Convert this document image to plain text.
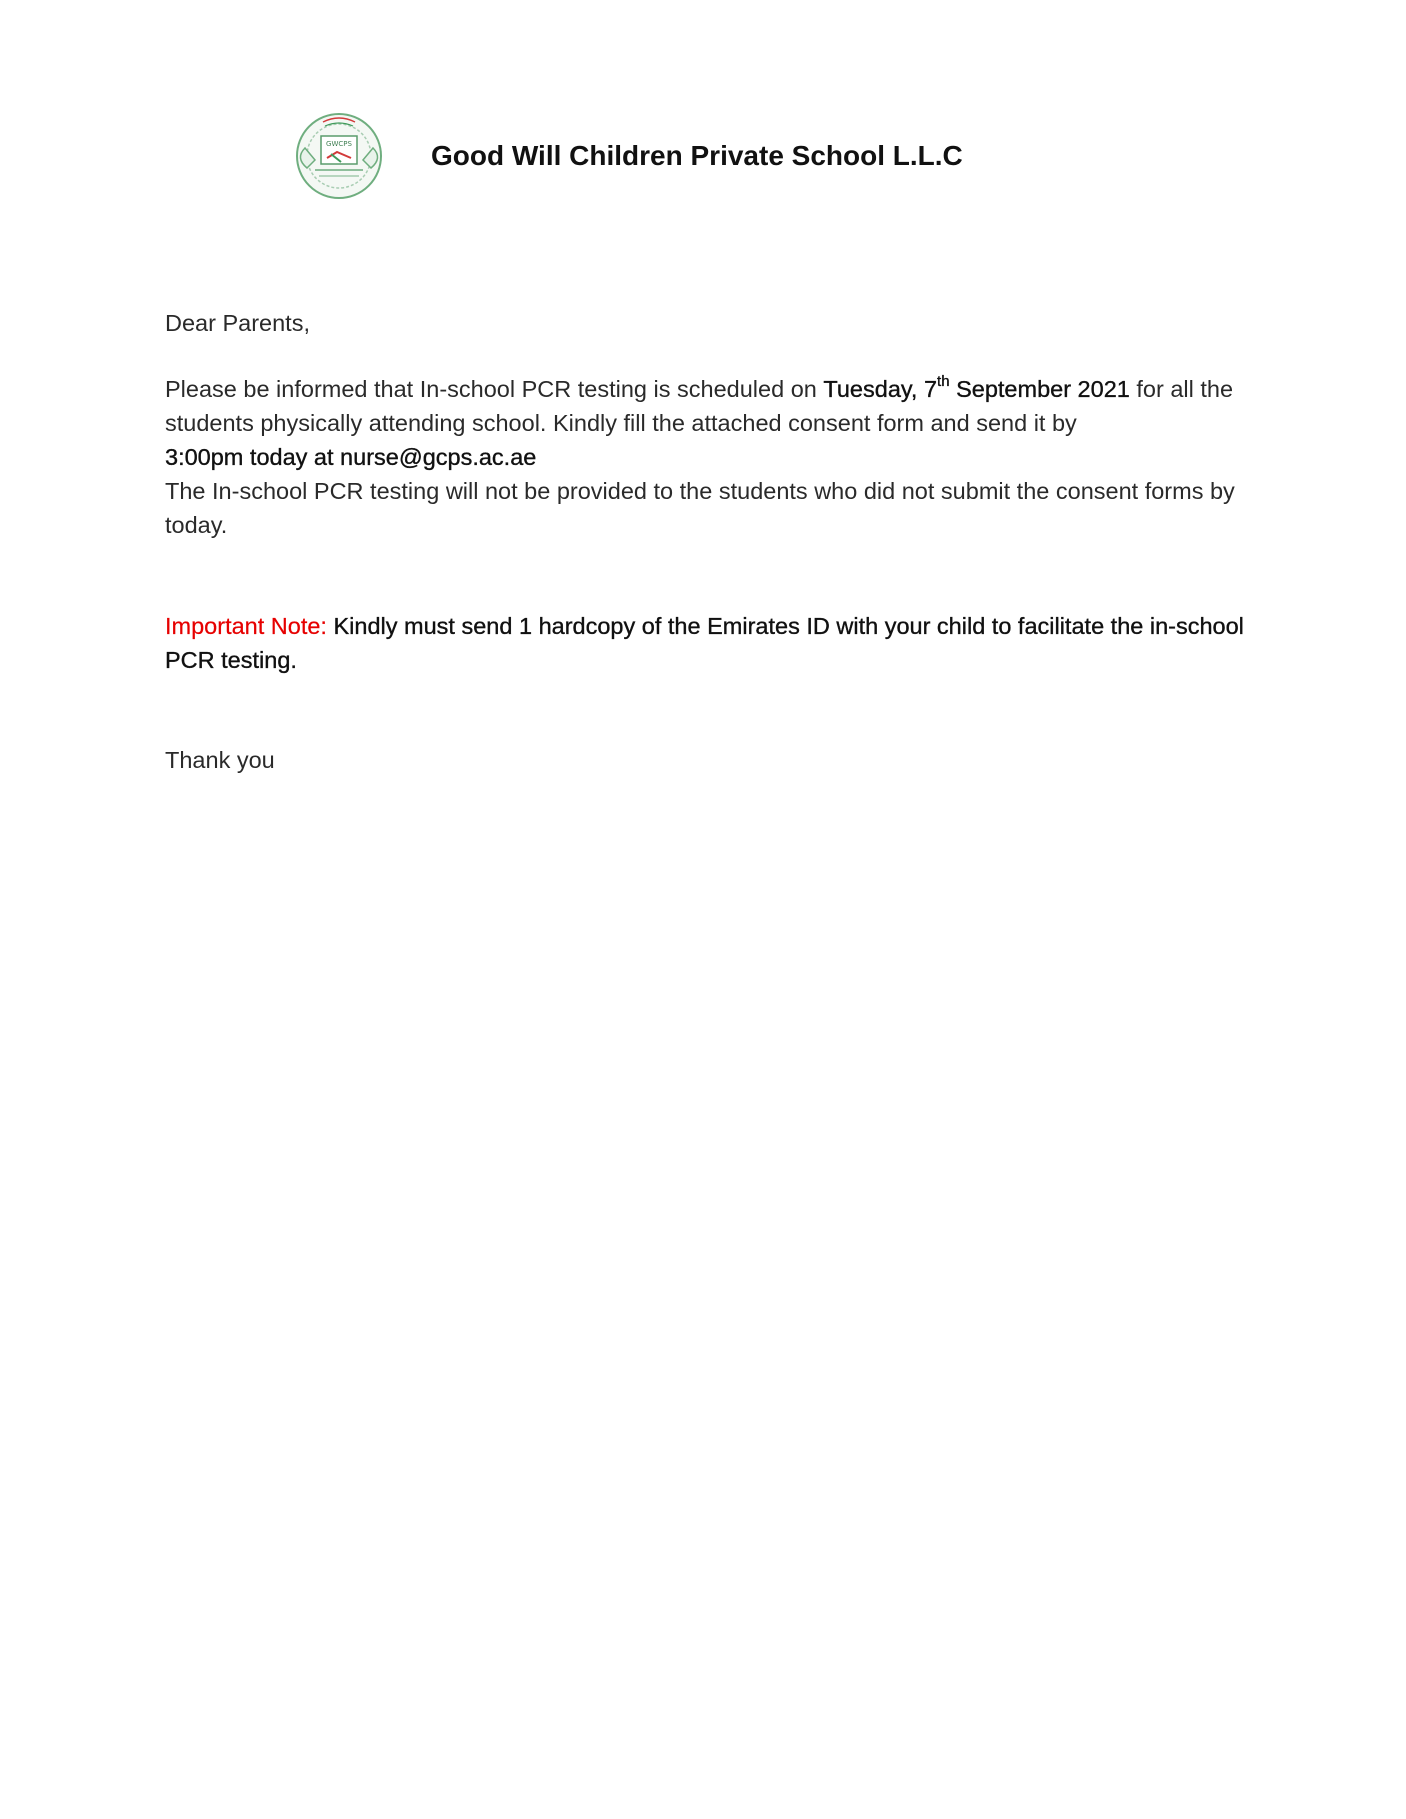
GWCPS	Good Will Children Private School L.L.C

Dear Parents,

Please be informed that In-school PCR testing is scheduled on Tuesday, 7th September 2021 for all the students physically attending school. Kindly fill the attached consent form and send it by
3:00pm today at nurse@gcps.ac.ae

The In-school PCR testing will not be provided to the students who did not submit the consent forms by today.

Important Note: Kindly must send 1 hardcopy of the Emirates ID with your child to facilitate the in-school PCR testing.

Thank you
